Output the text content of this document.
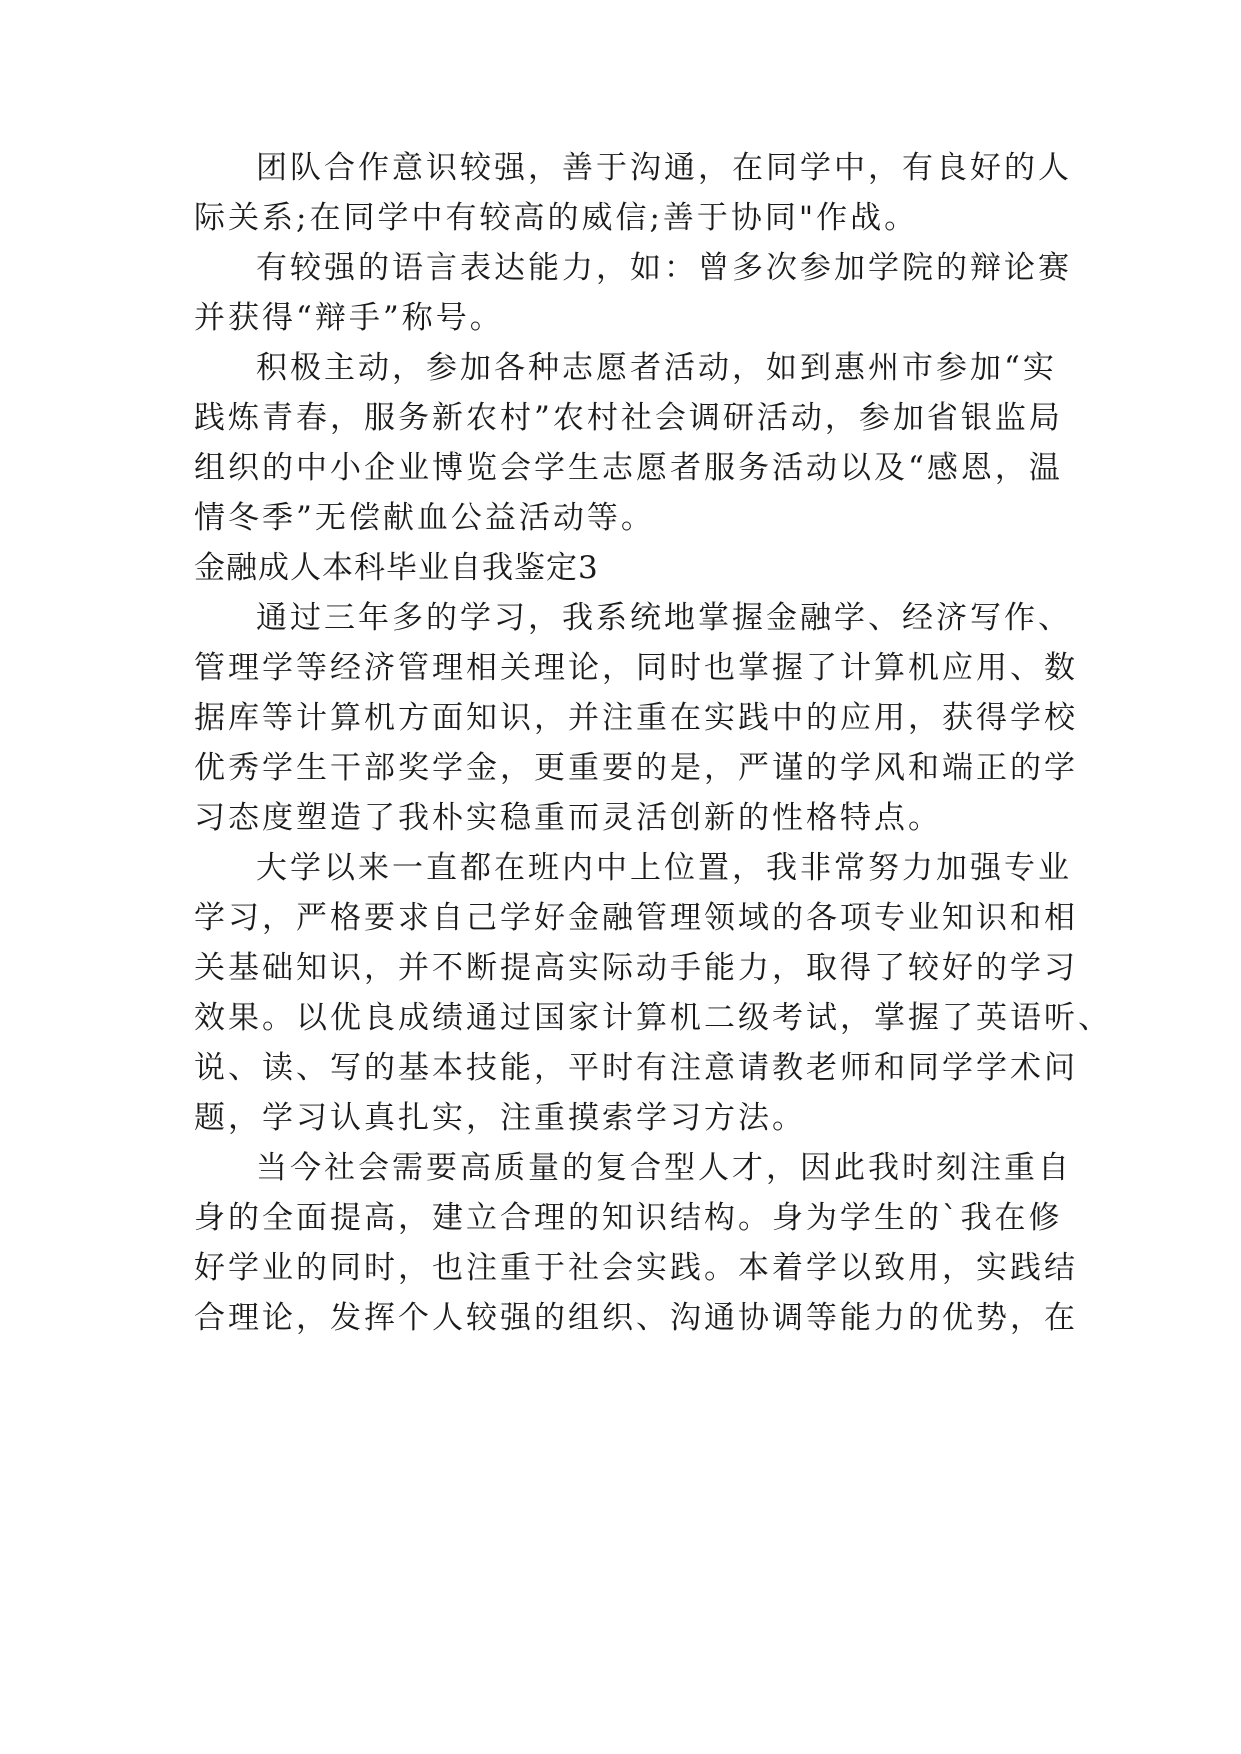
团队合作意识较强，善于沟通，在同学中，有良好的人
际关系;在同学中有较高的威信;善于协同"作战。
有较强的语言表达能力，如：曾多次参加学院的辩论赛
并获得“辩手”称号。
积极主动，参加各种志愿者活动，如到惠州市参加“实
践炼青春，服务新农村”农村社会调研活动，参加省银监局
组织的中小企业博览会学生志愿者服务活动以及“感恩，温
情冬季”无偿献血公益活动等。
金融成人本科毕业自我鉴定3
通过三年多的学习，我系统地掌握金融学、经济写作、
管理学等经济管理相关理论，同时也掌握了计算机应用、数
据库等计算机方面知识，并注重在实践中的应用，获得学校
优秀学生干部奖学金，更重要的是，严谨的学风和端正的学
习态度塑造了我朴实稳重而灵活创新的性格特点。
大学以来一直都在班内中上位置，我非常努力加强专业
学习，严格要求自己学好金融管理领域的各项专业知识和相
关基础知识，并不断提高实际动手能力，取得了较好的学习
效果。以优良成绩通过国家计算机二级考试，掌握了英语听、
说、读、写的基本技能，平时有注意请教老师和同学学术问
题，学习认真扎实，注重摸索学习方法。
当今社会需要高质量的复合型人才，因此我时刻注重自
身的全面提高，建立合理的知识结构。身为学生的`我在修
好学业的同时，也注重于社会实践。本着学以致用，实践结
合理论，发挥个人较强的组织、沟通协调等能力的优势，在
